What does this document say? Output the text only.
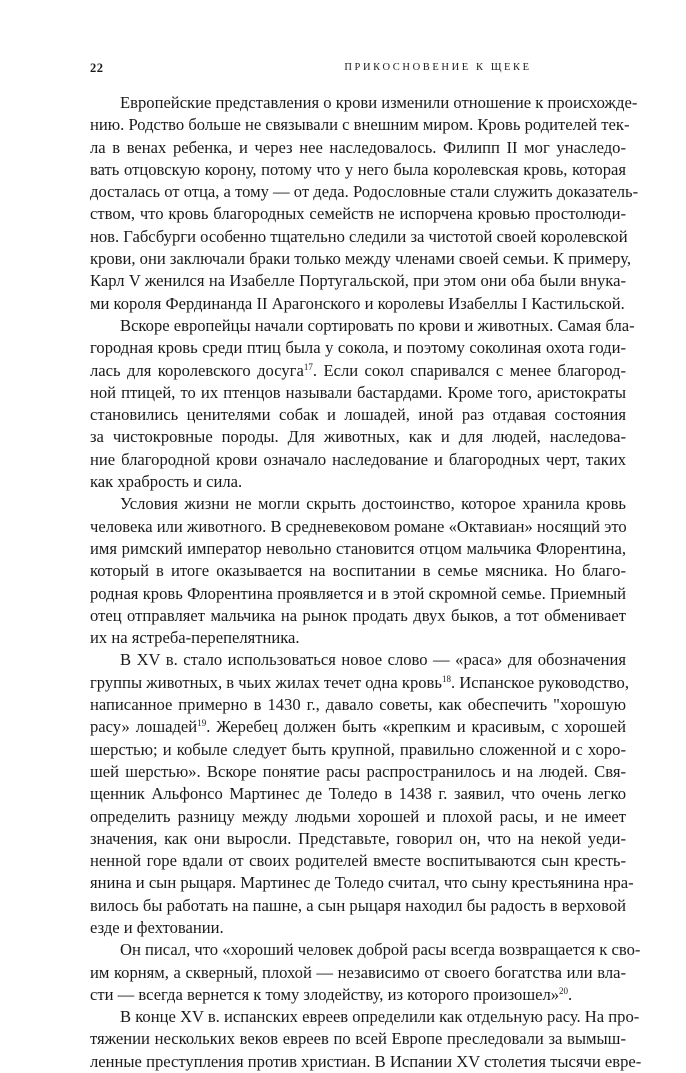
22	ПРИКОСНОВЕНИЕ К ЩЕКЕ
Европейские представления о крови изменили отношение к происхожде-
нию. Родство больше не связывали с внешним миром. Кровь родителей тек-
ла в венах ребенка, и через нее наследовалось. Филипп II мог унаследо-
вать отцовскую корону, потому что у него была королевская кровь, которая
досталась от отца, а тому — от деда. Родословные стали служить доказатель-
ством, что кровь благородных семейств не испорчена кровью простолюди-
нов. Габсбурги особенно тщательно следили за чистотой своей королевской
крови, они заключали браки только между членами своей семьи. К примеру,
Карл V женился на Изабелле Португальской, при этом они оба были внука-
ми короля Фердинанда II Арагонского и королевы Изабеллы I Кастильской.
Вскоре европейцы начали сортировать по крови и животных. Самая бла-
городная кровь среди птиц была у сокола, и поэтому соколиная охота годи-
лась для королевского досуга$^{17}$. Если сокол спаривался с менее благород-
ной птицей, то их птенцов называли бастардами. Кроме того, аристократы
становились ценителями собак и лошадей, иной раз отдавая состояния
за чистокровные породы. Для животных, как и для людей, наследова-
ние благородной крови означало наследование и благородных черт, таких
как храбрость и сила.
Условия жизни не могли скрыть достоинство, которое хранила кровь
человека или животного. В средневековом романе «Октавиан» носящий это
имя римский император невольно становится отцом мальчика Флорентина,
который в итоге оказывается на воспитании в семье мясника. Но благо-
родная кровь Флорентина проявляется и в этой скромной семье. Приемный
отец отправляет мальчика на рынок продать двух быков, а тот обменивает
их на ястреба-перепелятника.
В XV в. стало использоваться новое слово — «раса» для обозначения
группы животных, в чьих жилах течет одна кровь$^{18}$. Испанское руководство,
написанное примерно в 1430 г., давало советы, как обеспечить "хорошую
расу» лошадей$^{19}$. Жеребец должен быть «крепким и красивым, с хорошей
шерстью; и кобыле следует быть крупной, правильно сложенной и с хоро-
шей шерстью». Вскоре понятие расы распространилось и на людей. Свя-
щенник Альфонсо Мартинес де Толедо в 1438 г. заявил, что очень легко
определить разницу между людьми хорошей и плохой расы, и не имеет
значения, как они выросли. Представьте, говорил он, что на некой уеди-
ненной горе вдали от своих родителей вместе воспитываются сын кресть-
янина и сын рыцаря. Мартинес де Толедо считал, что сыну крестьянина нра-
вилось бы работать на пашне, а сын рыцаря находил бы радость в верховой
езде и фехтовании.
Он писал, что «хороший человек доброй расы всегда возвращается к сво-
им корням, а скверный, плохой — независимо от своего богатства или вла-
сти — всегда вернется к тому злодейству, из которого произошел»$^{20}$.
В конце XV в. испанских евреев определили как отдельную расу. На про-
тяжении нескольких веков евреев по всей Европе преследовали за вымыш-
ленные преступления против христиан. В Испании XV столетия тысячи евре-
